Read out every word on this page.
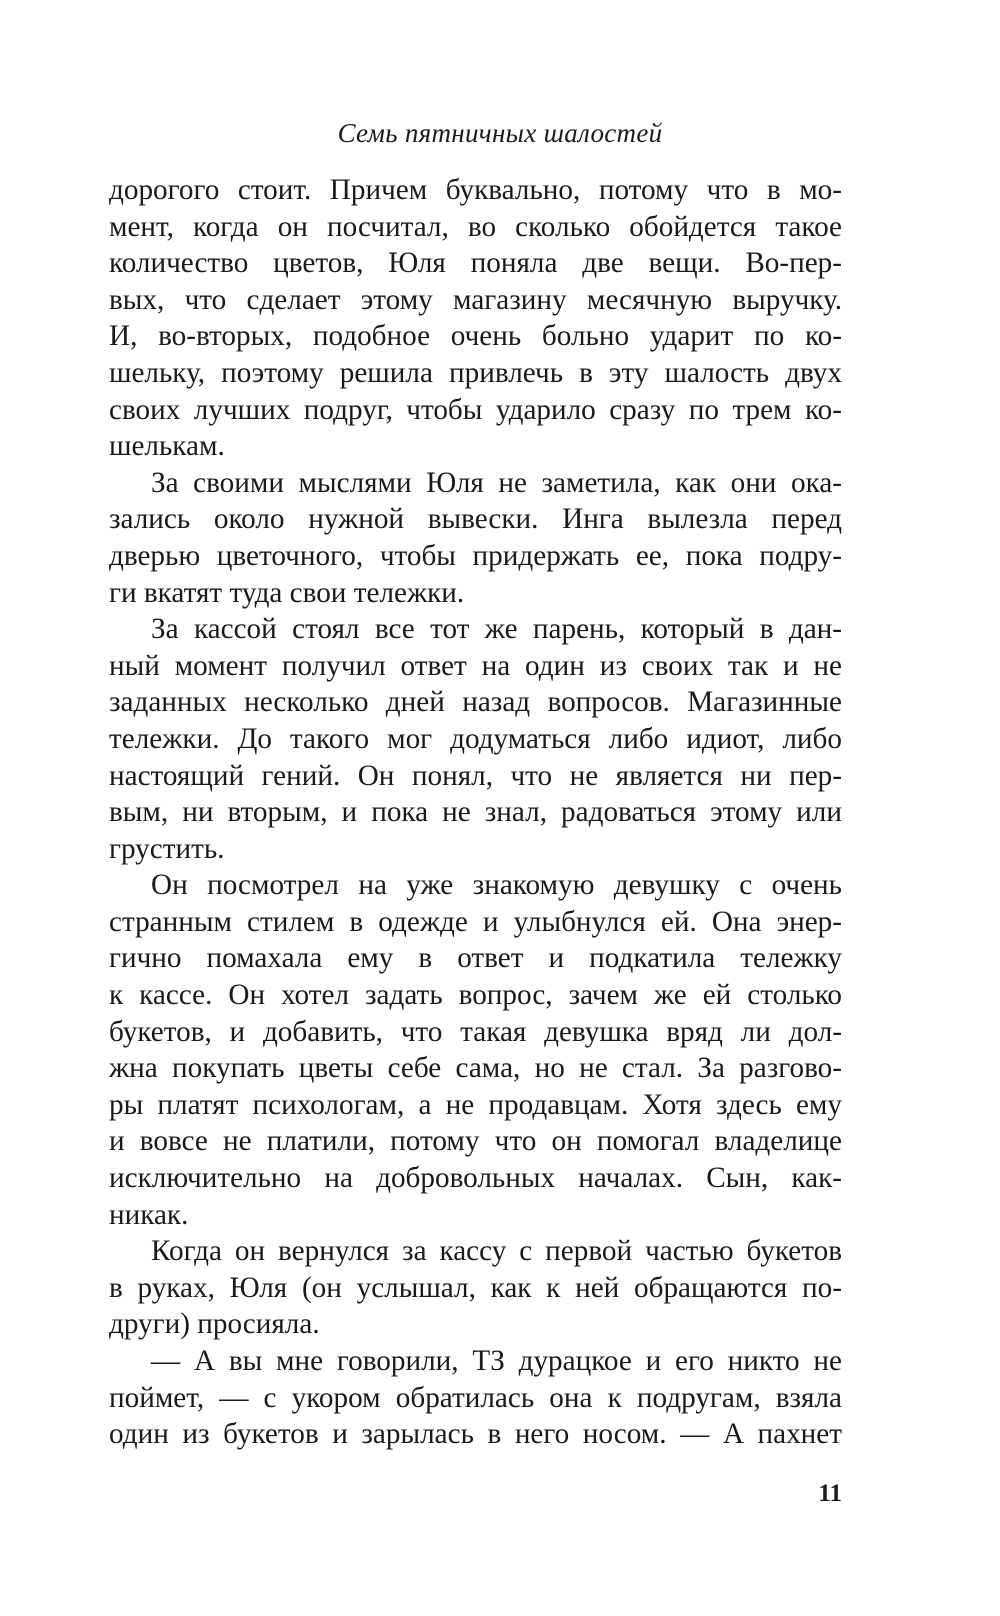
Семь пятничных шалостей
дорогого стоит. Причем буквально, потому что в мо-
мент, когда он посчитал, во сколько обойдется такое
количество цветов, Юля поняла две вещи. Во-пер-
вых, что сделает этому магазину месячную выручку.
И, во-вторых, подобное очень больно ударит по ко-
шельку, поэтому решила привлечь в эту шалость двух
своих лучших подруг, чтобы ударило сразу по трем ко-
шелькам.
За своими мыслями Юля не заметила, как они ока-
зались около нужной вывески. Инга вылезла перед
дверью цветочного, чтобы придержать ее, пока подру-
ги вкатят туда свои тележки.
За кассой стоял все тот же парень, который в дан-
ный момент получил ответ на один из своих так и не
заданных несколько дней назад вопросов. Магазинные
тележки. До такого мог додуматься либо идиот, либо
настоящий гений. Он понял, что не является ни пер-
вым, ни вторым, и пока не знал, радоваться этому или
грустить.
Он посмотрел на уже знакомую девушку с очень
странным стилем в одежде и улыбнулся ей. Она энер-
гично помахала ему в ответ и подкатила тележку
к кассе. Он хотел задать вопрос, зачем же ей столько
букетов, и добавить, что такая девушка вряд ли дол-
жна покупать цветы себе сама, но не стал. За разгово-
ры платят психологам, а не продавцам. Хотя здесь ему
и вовсе не платили, потому что он помогал владелице
исключительно на добровольных началах. Сын, как-
никак.
Когда он вернулся за кассу с первой частью букетов
в руках, Юля (он услышал, как к ней обращаются по-
други) просияла.
— А вы мне говорили, ТЗ дурацкое и его никто не
поймет, — с укором обратилась она к подругам, взяла
один из букетов и зарылась в него носом. — А пахнет
11
